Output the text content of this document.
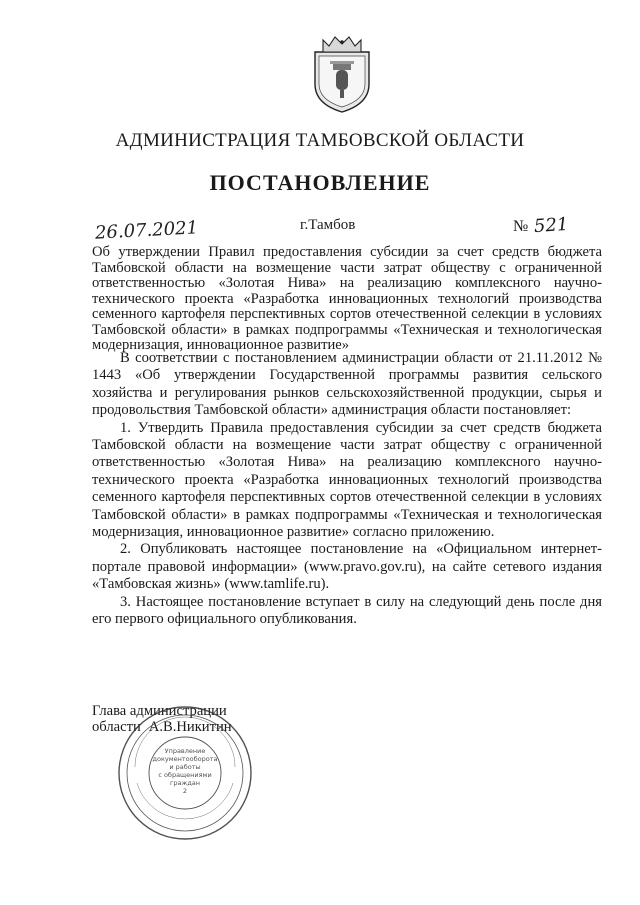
АДМИНИСТРАЦИЯ ТАМБОВСКОЙ ОБЛАСТИ
ПОСТАНОВЛЕНИЕ
26.07.2021	г.Тамбов	№ 521
Об утверждении Правил предоставления субсидии за счет средств бюджета Тамбовской области на возмещение части затрат обществу с ограниченной ответственностью «Золотая Нива» на реализацию комплексного научно-технического проекта «Разработка инновационных технологий производства семенного картофеля перспективных сортов отечественной селекции в условиях Тамбовской области» в рамках подпрограммы «Техническая и технологическая модернизация, инновационное развитие»

В соответствии с постановлением администрации области от 21.11.2012 № 1443 «Об утверждении Государственной программы развития сельского хозяйства и регулирования рынков сельскохозяйственной продукции, сырья и продовольствия Тамбовской области» администрация области постановляет:

1. Утвердить Правила предоставления субсидии за счет средств бюджета Тамбовской области на возмещение части затрат обществу с ограниченной ответственностью «Золотая Нива» на реализацию комплексного научно-технического проекта «Разработка инновационных технологий производства семенного картофеля перспективных сортов отечественной селекции в условиях Тамбовской области» в рамках подпрограммы «Техническая и технологическая модернизация, инновационное развитие» согласно приложению.

2. Опубликовать настоящее постановление на «Официальном интернет-портале правовой информации» (www.pravo.gov.ru), на сайте сетевого издания «Тамбовская жизнь» (www.tamlife.ru).

3. Настоящее постановление вступает в силу на следующий день после дня его первого официального опубликования.

Глава администрации
области А.В.Никитин
Управление
документооборота
и работы
с обращениями
граждан
2
